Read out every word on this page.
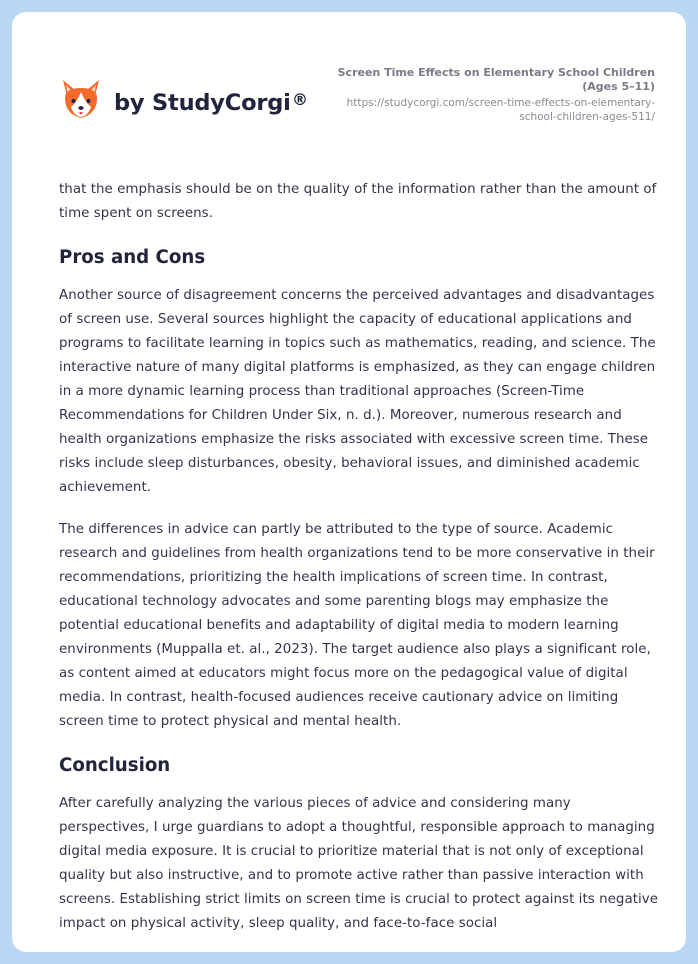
by StudyCorgi ®
Screen Time Effects on Elementary School Children (Ages 5–11)
https://studycorgi.com/screen-time-effects-on-elementary-school-children-ages-511/

that the emphasis should be on the quality of the information rather than the amount of time spent on screens.

Pros and Cons

Another source of disagreement concerns the perceived advantages and disadvantages of screen use. Several sources highlight the capacity of educational applications and programs to facilitate learning in topics such as mathematics, reading, and science. The interactive nature of many digital platforms is emphasized, as they can engage children in a more dynamic learning process than traditional approaches (Screen-Time Recommendations for Children Under Six, n. d.). Moreover, numerous research and health organizations emphasize the risks associated with excessive screen time. These risks include sleep disturbances, obesity, behavioral issues, and diminished academic achievement.

The differences in advice can partly be attributed to the type of source. Academic research and guidelines from health organizations tend to be more conservative in their recommendations, prioritizing the health implications of screen time. In contrast, educational technology advocates and some parenting blogs may emphasize the potential educational benefits and adaptability of digital media to modern learning environments (Muppalla et. al., 2023). The target audience also plays a significant role, as content aimed at educators might focus more on the pedagogical value of digital media. In contrast, health-focused audiences receive cautionary advice on limiting screen time to protect physical and mental health.

Conclusion

After carefully analyzing the various pieces of advice and considering many perspectives, I urge guardians to adopt a thoughtful, responsible approach to managing digital media exposure. It is crucial to prioritize material that is not only of exceptional quality but also instructive, and to promote active rather than passive interaction with screens. Establishing strict limits on screen time is crucial to protect against its negative impact on physical activity, sleep quality, and face-to-face social
